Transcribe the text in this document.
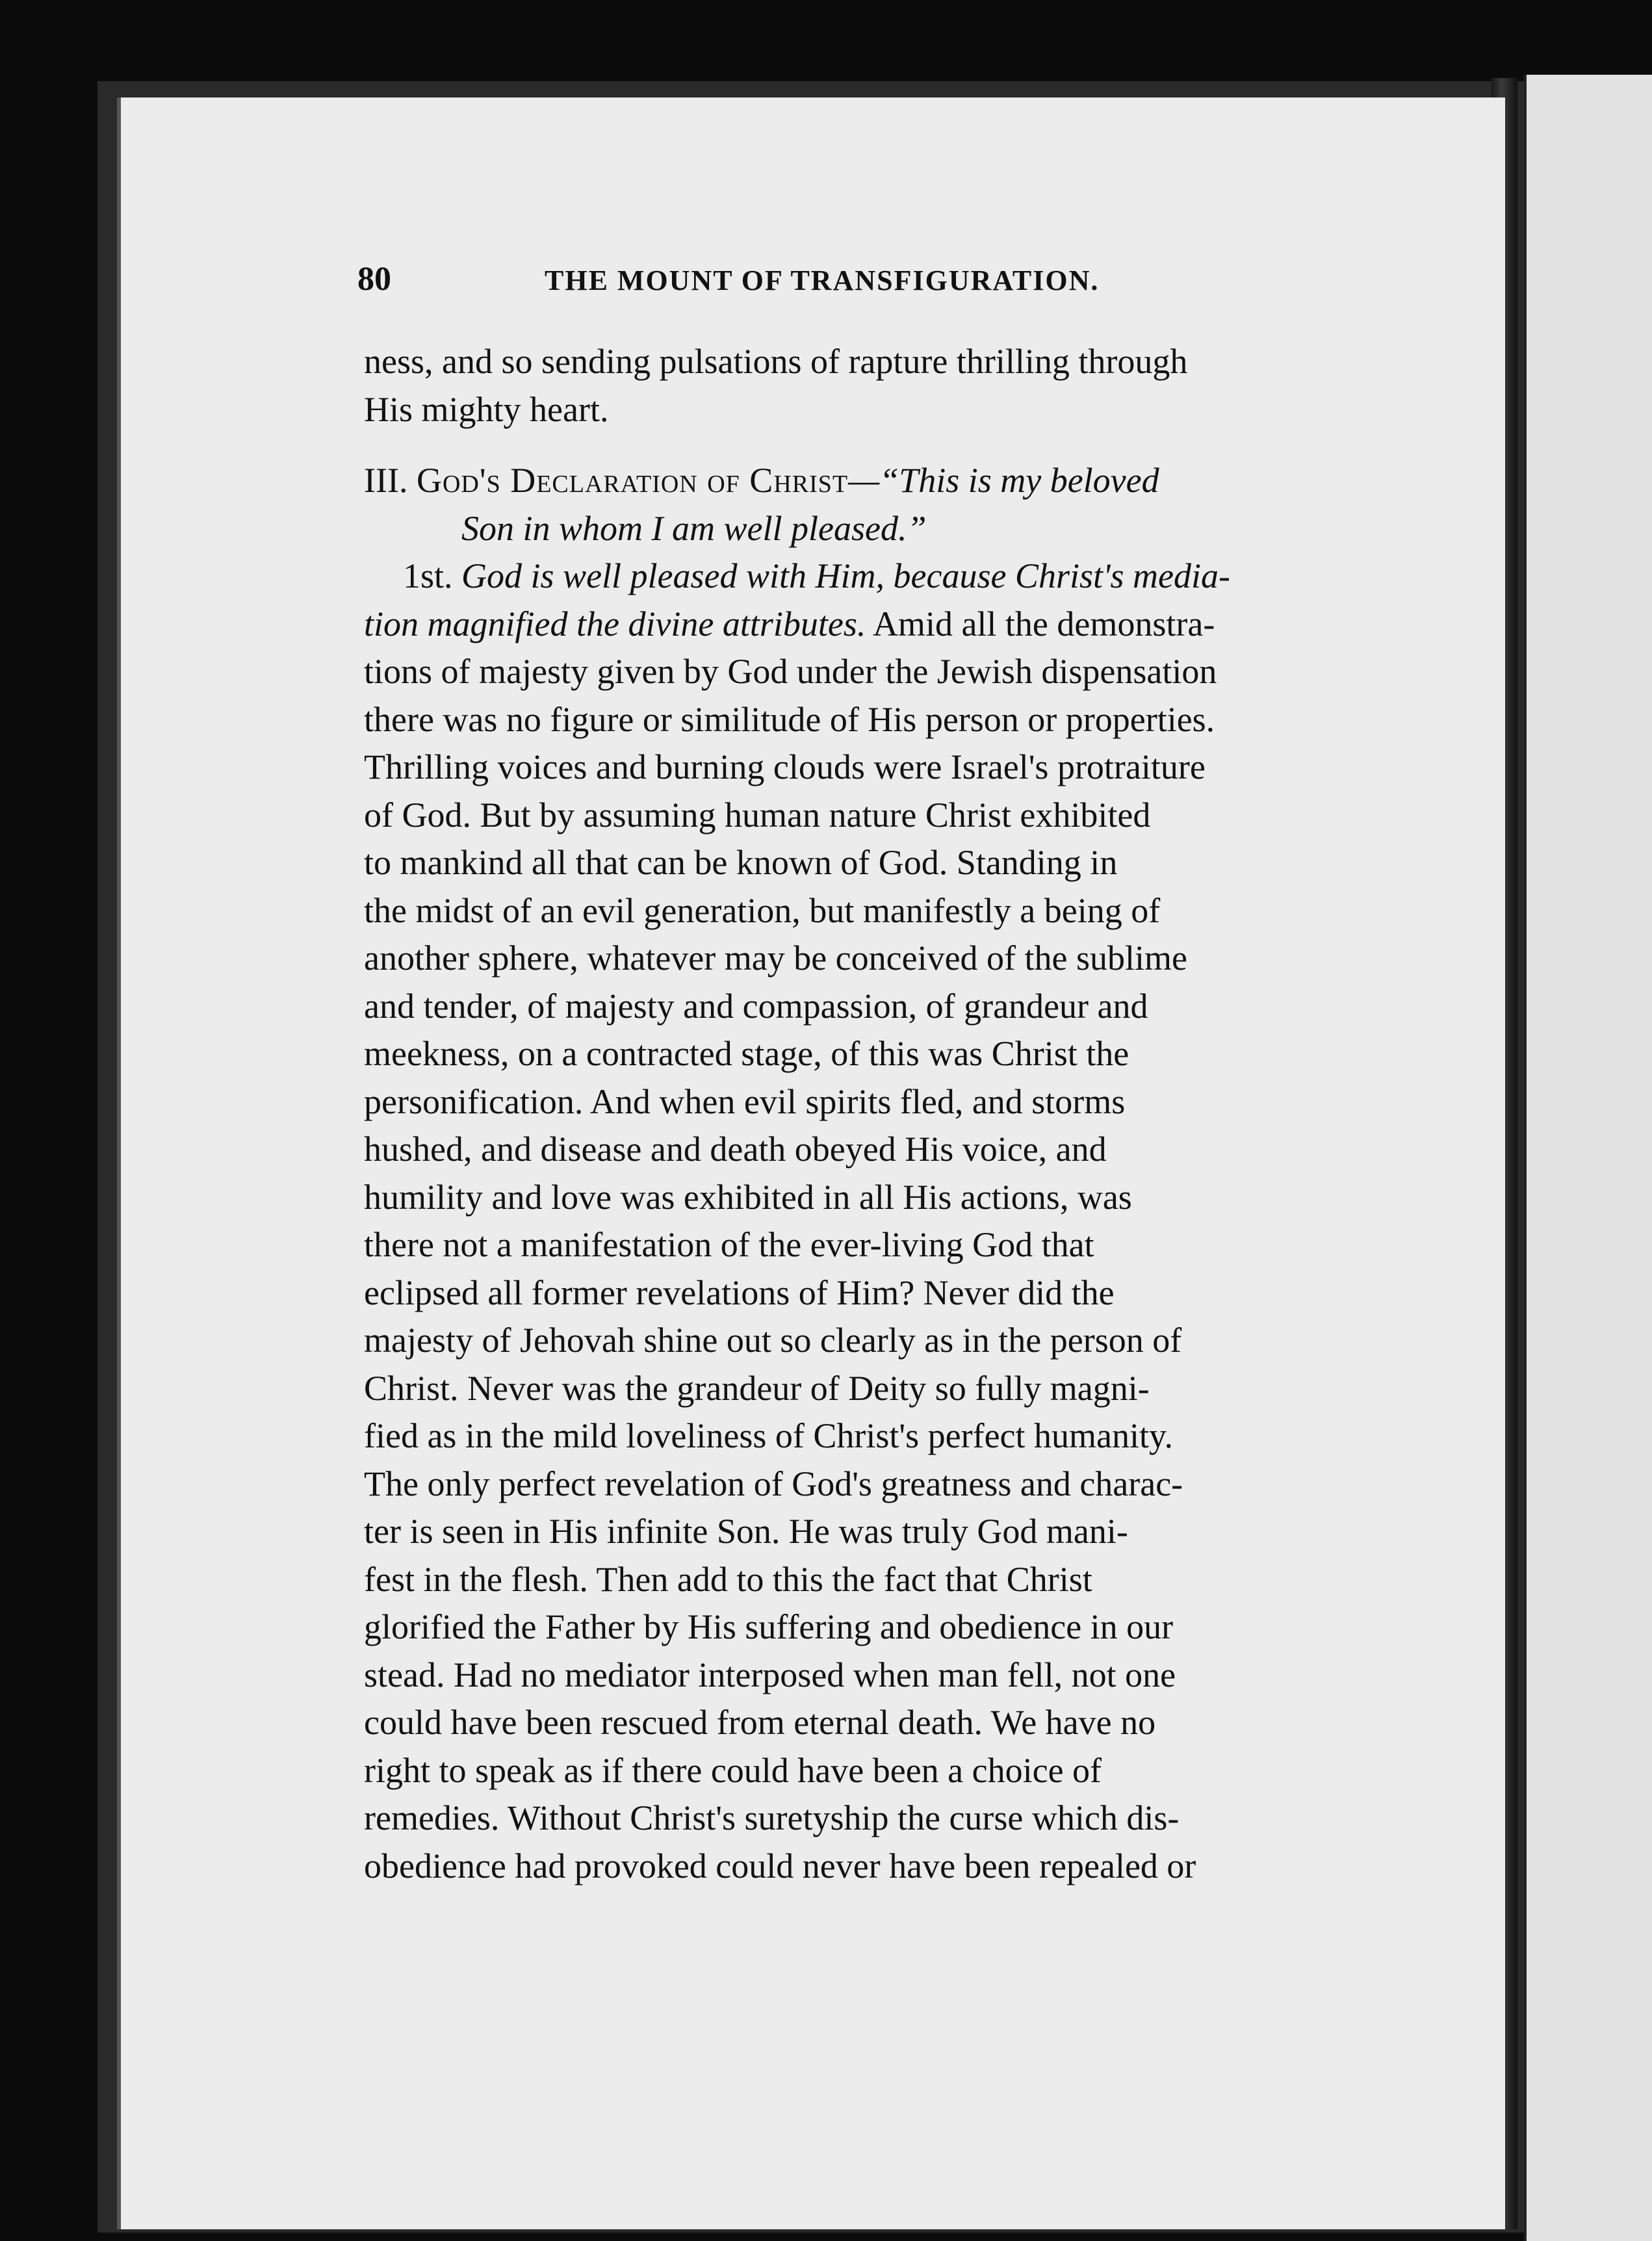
80	THE MOUNT OF TRANSFIGURATION.
ness, and so sending pulsations of rapture thrilling through
His mighty heart.
III. God's Declaration of Christ—“This is my beloved
Son in whom I am well pleased.”
1st. God is well pleased with Him, because Christ's media-
tion magnified the divine attributes. Amid all the demonstra-
tions of majesty given by God under the Jewish dispensation
there was no figure or similitude of His person or properties.
Thrilling voices and burning clouds were Israel's protraiture
of God. But by assuming human nature Christ exhibited
to mankind all that can be known of God. Standing in
the midst of an evil generation, but manifestly a being of
another sphere, whatever may be conceived of the sublime
and tender, of majesty and compassion, of grandeur and
meekness, on a contracted stage, of this was Christ the
personification. And when evil spirits fled, and storms
hushed, and disease and death obeyed His voice, and
humility and love was exhibited in all His actions, was
there not a manifestation of the ever-living God that
eclipsed all former revelations of Him? Never did the
majesty of Jehovah shine out so clearly as in the person of
Christ. Never was the grandeur of Deity so fully magni-
fied as in the mild loveliness of Christ's perfect humanity.
The only perfect revelation of God's greatness and charac-
ter is seen in His infinite Son. He was truly God mani-
fest in the flesh. Then add to this the fact that Christ
glorified the Father by His suffering and obedience in our
stead. Had no mediator interposed when man fell, not one
could have been rescued from eternal death. We have no
right to speak as if there could have been a choice of
remedies. Without Christ's suretyship the curse which dis-
obedience had provoked could never have been repealed or
